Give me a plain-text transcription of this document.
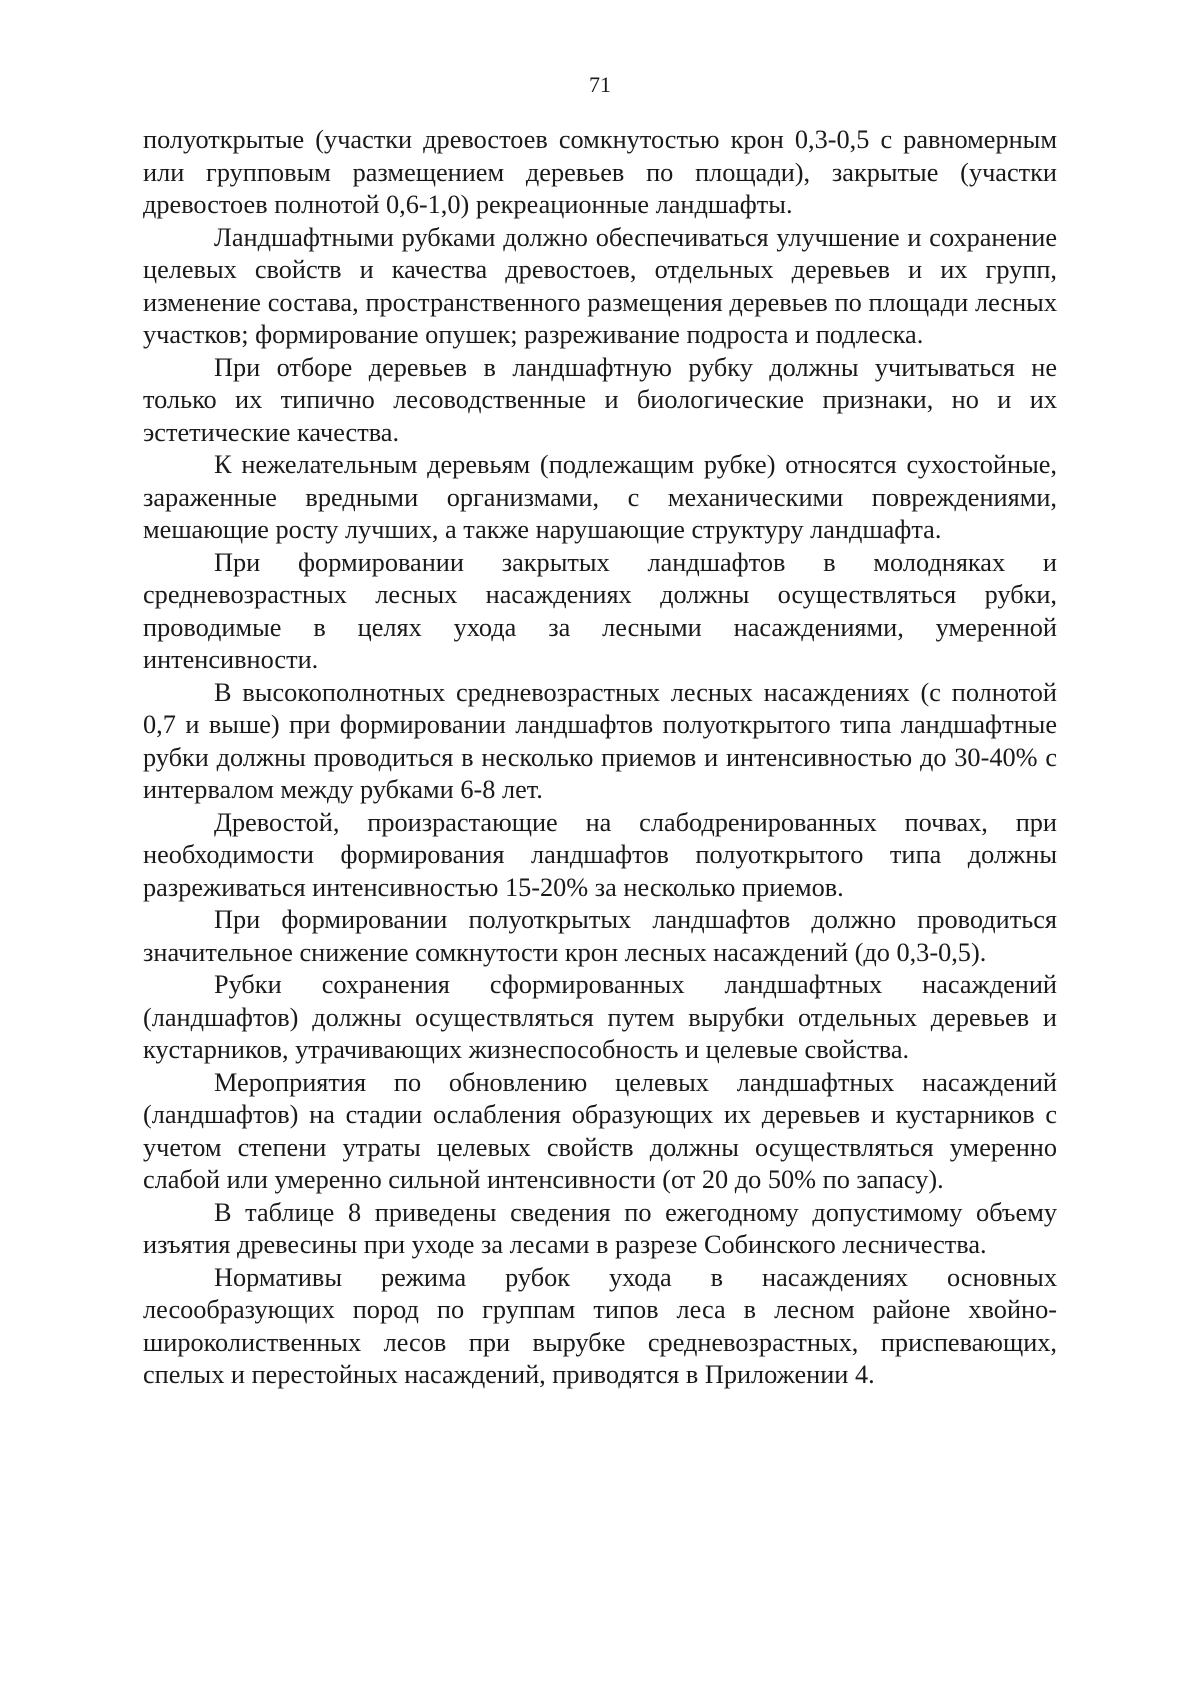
71

полуоткрытые (участки древостоев сомкнутостью крон 0,3-0,5 с равномерным или групповым размещением деревьев по площади), закрытые (участки древостоев полнотой 0,6-1,0) рекреационные ландшафты.

Ландшафтными рубками должно обеспечиваться улучшение и сохранение целевых свойств и качества древостоев, отдельных деревьев и их групп, изменение состава, пространственного размещения деревьев по площади лесных участков; формирование опушек; разреживание подроста и подлеска.

При отборе деревьев в ландшафтную рубку должны учитываться не только их типично лесоводственные и биологические признаки, но и их эстетические качества.

К нежелательным деревьям (подлежащим рубке) относятся сухостойные, зараженные вредными организмами, с механическими повреждениями, мешающие росту лучших, а также нарушающие структуру ландшафта.

При формировании закрытых ландшафтов в молодняках и средневозрастных лесных насаждениях должны осуществляться рубки, проводимые в целях ухода за лесными насаждениями, умеренной интенсивности.

В высокополнотных средневозрастных лесных насаждениях (с полнотой 0,7 и выше) при формировании ландшафтов полуоткрытого типа ландшафтные рубки должны проводиться в несколько приемов и интенсивностью до 30-40% с интервалом между рубками 6-8 лет.

Древостой, произрастающие на слабодренированных почвах, при необходимости формирования ландшафтов полуоткрытого типа должны разреживаться интенсивностью 15-20% за несколько приемов.

При формировании полуоткрытых ландшафтов должно проводиться значительное снижение сомкнутости крон лесных насаждений (до 0,3-0,5).

Рубки сохранения сформированных ландшафтных насаждений (ландшафтов) должны осуществляться путем вырубки отдельных деревьев и кустарников, утрачивающих жизнеспособность и целевые свойства.

Мероприятия по обновлению целевых ландшафтных насаждений (ландшафтов) на стадии ослабления образующих их деревьев и кустарников с учетом степени утраты целевых свойств должны осуществляться умеренно слабой или умеренно сильной интенсивности (от 20 до 50% по запасу).

В таблице 8 приведены сведения по ежегодному допустимому объему изъятия древесины при уходе за лесами в разрезе Собинского лесничества.

Нормативы режима рубок ухода в насаждениях основных лесообразующих пород по группам типов леса в лесном районе хвойно-широколиственных лесов при вырубке средневозрастных, приспевающих, спелых и перестойных насаждений, приводятся в Приложении 4.
